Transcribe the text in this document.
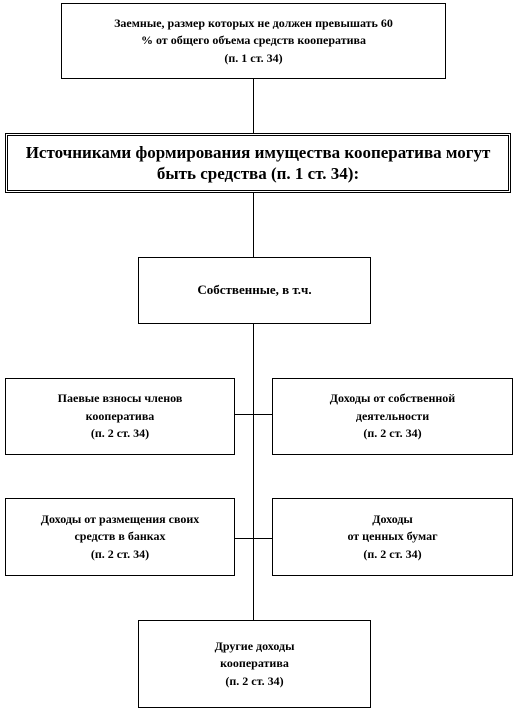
Заемные, размер которых не должен превышать 60
% от общего объема средств кооператива
(п. 1 ст. 34)
Источниками формирования имущества кооператива могут
быть средства (п. 1 ст. 34):
Собственные, в т.ч.
Паевые взносы членов
кооператива
(п. 2 ст. 34)
Доходы от собственной
деятельности
(п. 2 ст. 34)
Доходы от размещения своих
средств в банках
(п. 2 ст. 34)
Доходы
от ценных бумаг
(п. 2 ст. 34)
Другие доходы
кооператива
(п. 2 ст. 34)
